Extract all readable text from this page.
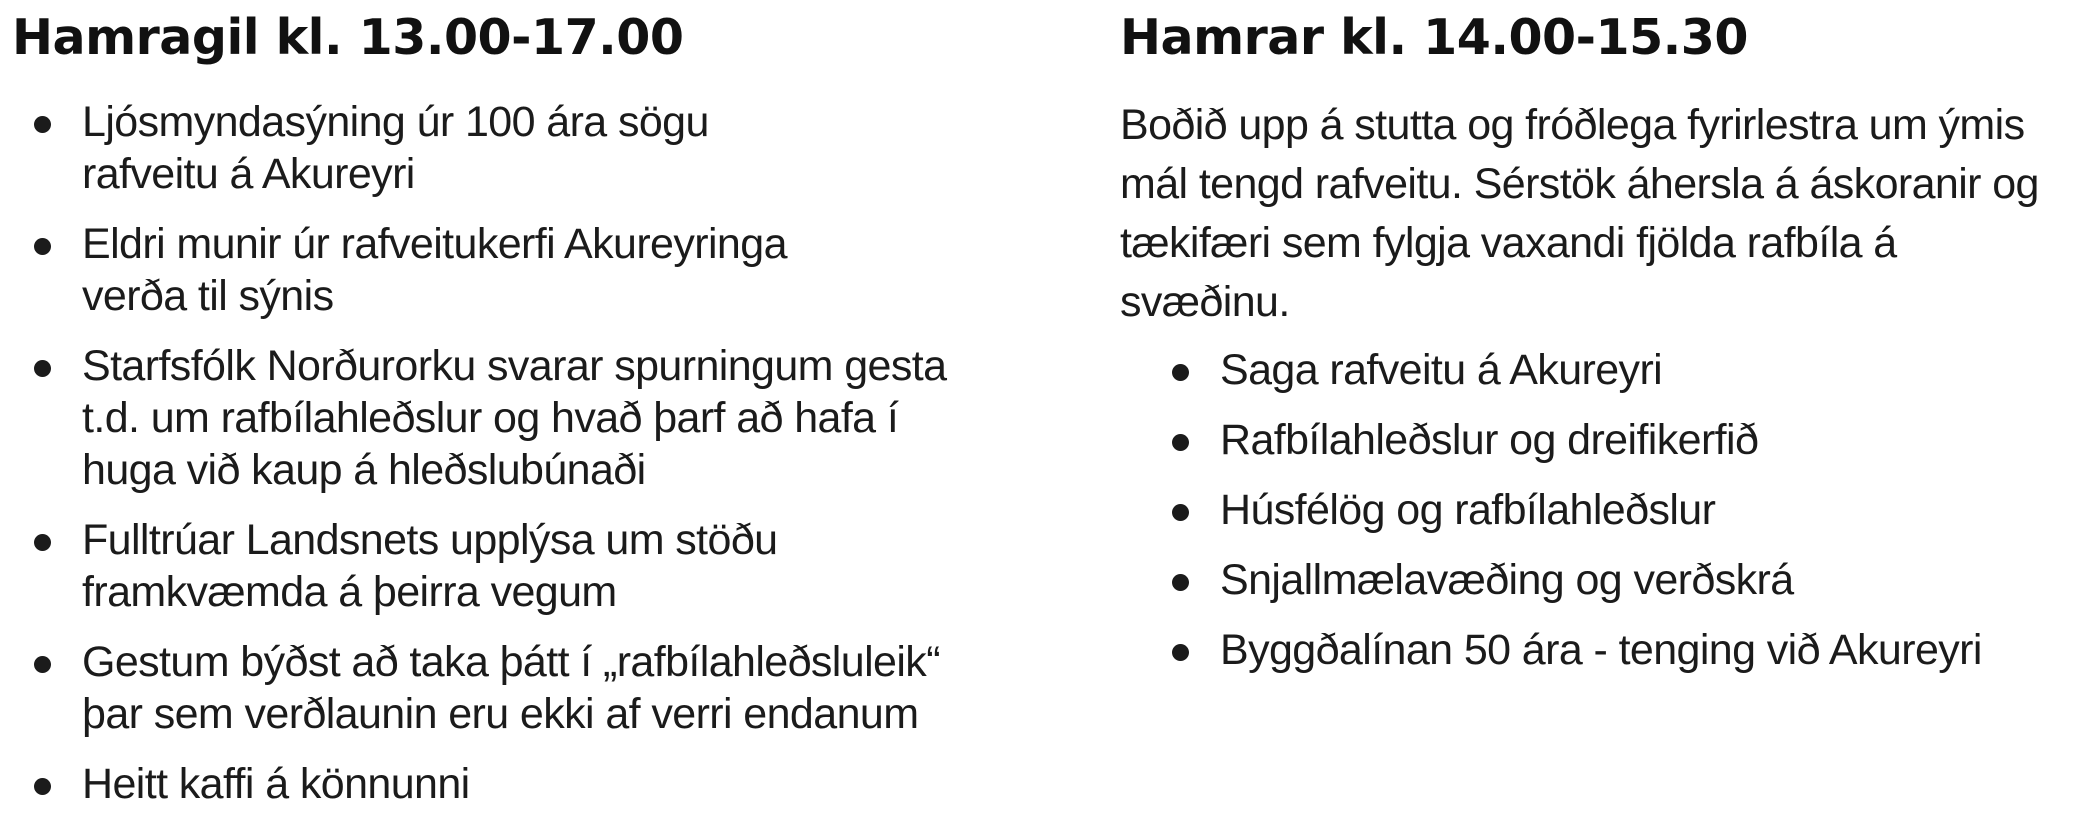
Hamragil kl. 13.00-17.00
Ljósmyndasýning úr 100 ára sögu
rafveitu á Akureyri
Eldri munir úr rafveitukerfi Akureyringa
verða til sýnis
Starfsfólk Norðurorku svarar spurningum gesta
t.d. um rafbílahleðslur og hvað þarf að hafa í
huga við kaup á hleðslubúnaði
Fulltrúar Landsnets upplýsa um stöðu
framkvæmda á þeirra vegum
Gestum býðst að taka þátt í „rafbílahleðsluleik“
þar sem verðlaunin eru ekki af verri endanum
Heitt kaffi á könnunni
Hamrar kl. 14.00-15.30

Boðið upp á stutta og fróðlega fyrirlestra um ýmis
mál tengd rafveitu. Sérstök áhersla á áskoranir og
tækifæri sem fylgja vaxandi fjölda rafbíla á svæðinu.

Saga rafveitu á Akureyri
Rafbílahleðslur og dreifikerfið
Húsfélög og rafbílahleðslur
Snjallmælavæðing og verðskrá
Byggðalínan 50 ára - tenging við Akureyri
